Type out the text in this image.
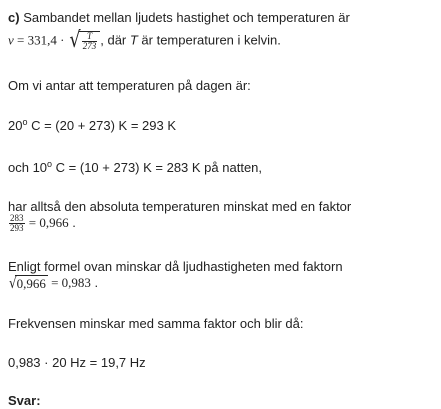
c) Sambandet mellan ljudets hastighet och temperaturen är
v = 331,4 · √ $\frac{T}{273}$ , där T är temperaturen i kelvin.
Om vi antar att temperaturen på dagen är:
20$^o$ C = (20 + 273) K = 293 K
och 10$^o$ C = (10 + 273) K = 283 K på natten,
har alltså den absoluta temperaturen minskat med en faktor
$\frac{283}{293} = 0,966$ .
Enligt formel ovan minskar då ljudhastigheten med faktorn
√0,966 = 0,983 .
Frekvensen minskar med samma faktor och blir då:
0,983 · 20 Hz = 19,7 Hz
Svar:
